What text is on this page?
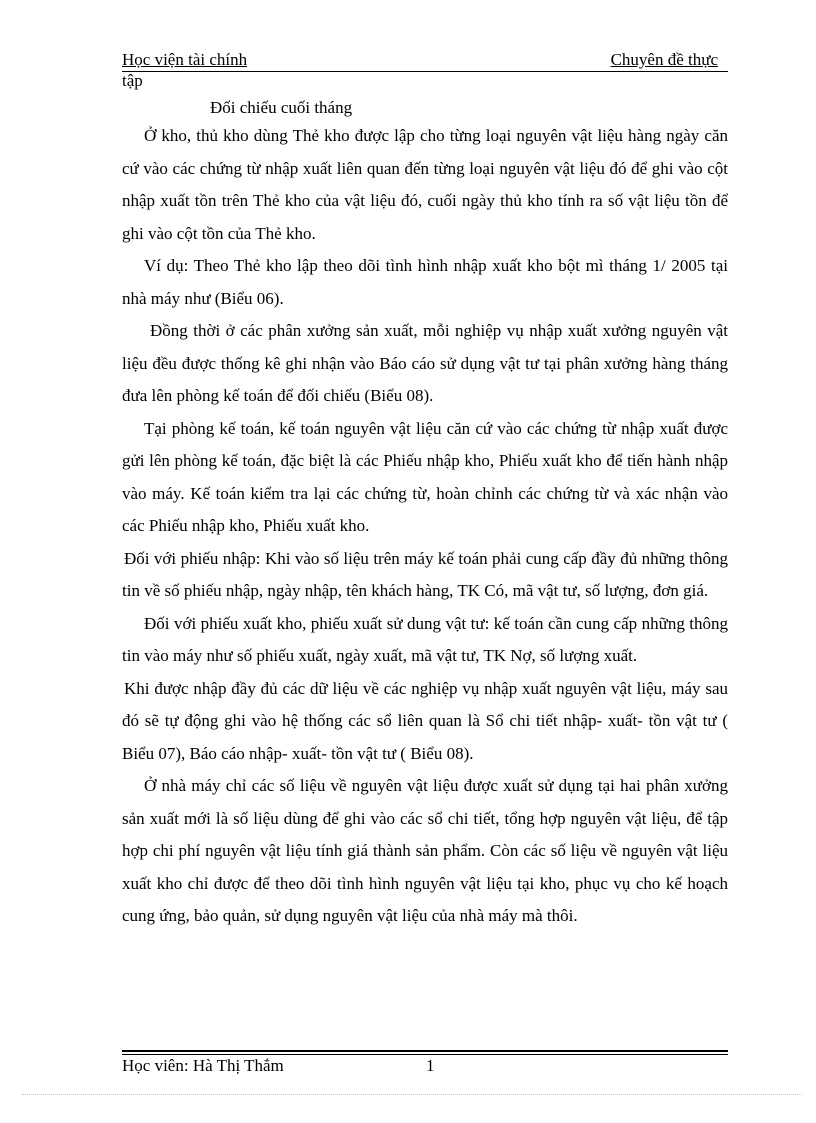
Học viện tài chính	Chuyên đề thực
tập
Đối chiếu cuối tháng

Ở kho, thủ kho dùng Thẻ kho được lập cho từng loại nguyên vật liệu hàng ngày căn cứ vào các chứng từ nhập xuất liên quan đến từng loại nguyên vật liệu đó để ghi vào cột nhập xuất tồn trên Thẻ kho của vật liệu đó, cuối ngày thủ kho tính ra số vật liệu tồn để ghi vào cột tồn của Thẻ kho.

Ví dụ: Theo Thẻ kho lập theo dõi tình hình nhập xuất kho bột mì tháng 1/ 2005 tại nhà máy như (Biểu 06).

Đồng thời ở các phân xưởng sản xuất, mỗi nghiệp vụ nhập xuất xưởng nguyên vật liệu đều được thống kê ghi nhận vào Báo cáo sử dụng vật tư tại phân xưởng hàng tháng đưa lên phòng kế toán để đối chiếu (Biểu 08).

Tại phòng kế toán, kế toán nguyên vật liệu căn cứ vào các chứng từ nhập xuất được gửi lên phòng kế toán, đặc biệt là các Phiếu nhập kho, Phiếu xuất kho để tiến hành nhập vào máy. Kế toán kiểm tra lại các chứng từ, hoàn chỉnh các chứng từ và xác nhận vào các Phiếu nhập kho, Phiếu xuất kho.

Đối với phiếu nhập: Khi vào số liệu trên máy kế toán phải cung cấp đầy đủ những thông tin về số phiếu nhập, ngày nhập, tên khách hàng, TK Có, mã vật tư, số lượng, đơn giá.

Đối với phiếu xuất kho, phiếu xuất sử dung vật tư: kế toán cần cung cấp những thông tin vào máy như số phiếu xuất, ngày xuất, mã vật tư, TK Nợ, số lượng xuất.

Khi được nhập đầy đủ các dữ liệu về các nghiệp vụ nhập xuất nguyên vật liệu, máy sau đó sẽ tự động ghi vào hệ thống các sổ liên quan là Sổ chi tiết nhập- xuất- tồn vật tư ( Biểu 07), Báo cáo nhập- xuất- tồn vật tư ( Biểu 08).

Ở nhà máy chỉ các số liệu về nguyên vật liệu được xuất sử dụng tại hai phân xưởng sản xuất mới là số liệu dùng để ghi vào các sổ chi tiết, tổng hợp nguyên vật liệu, để tập hợp chi phí nguyên vật liệu tính giá thành sản phẩm. Còn các số liệu về nguyên vật liệu xuất kho chỉ được để theo dõi tình hình nguyên vật liệu tại kho, phục vụ cho kế hoạch cung ứng, bảo quản, sử dụng nguyên vật liệu của nhà máy mà thôi.

Học viên: Hà Thị Thắm	1
